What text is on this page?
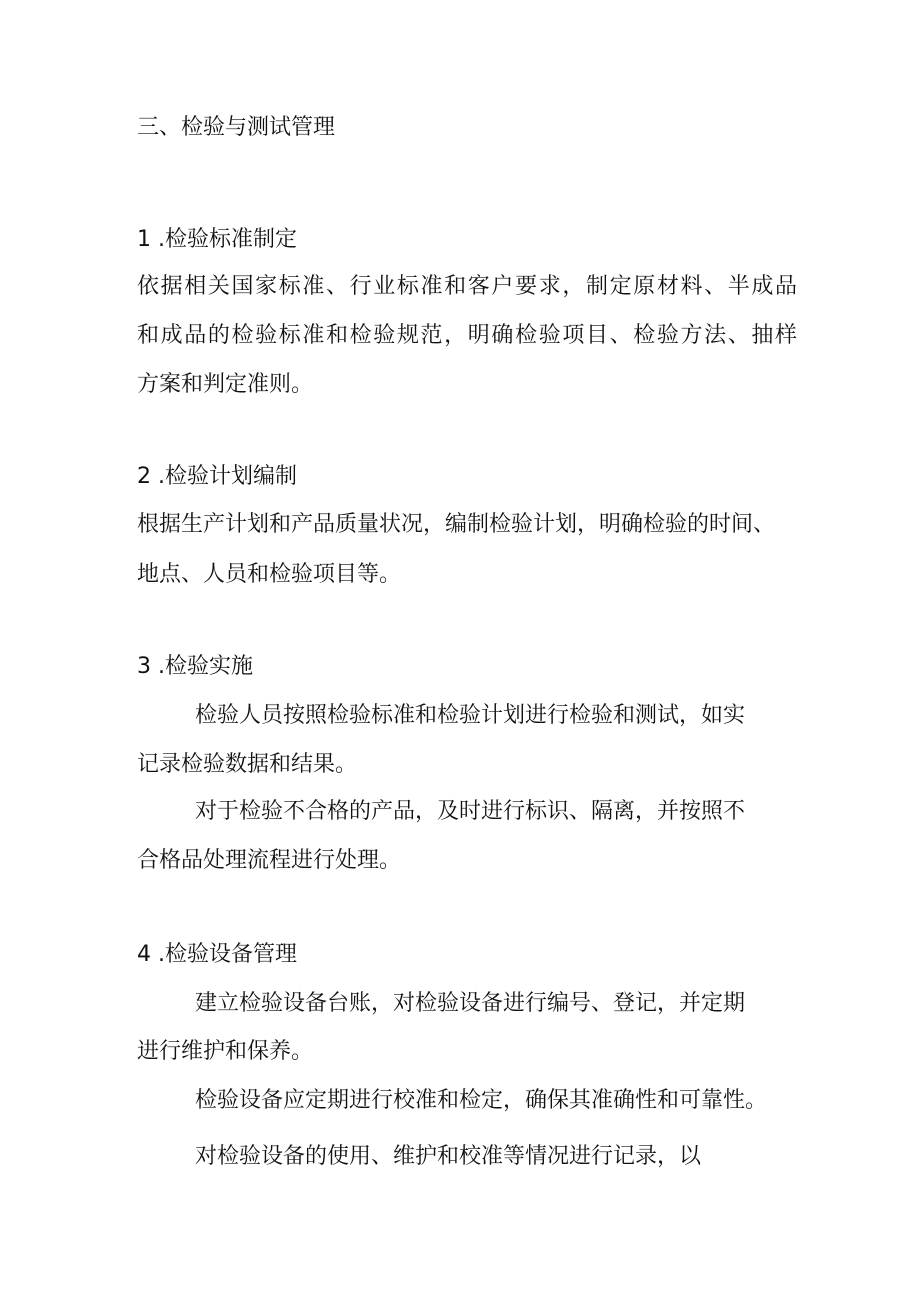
三、检验与测试管理
1 .检验标准制定
依据相关国家标准、行业标准和客户要求，制定原材料、半成品
和成品的检验标准和检验规范，明确检验项目、检验方法、抽样
方案和判定准则。
2 .检验计划编制
根据生产计划和产品质量状况，编制检验计划，明确检验的时间、
地点、人员和检验项目等。
3 .检验实施
检验人员按照检验标准和检验计划进行检验和测试，如实
记录检验数据和结果。
对于检验不合格的产品，及时进行标识、隔离，并按照不
合格品处理流程进行处理。
4 .检验设备管理
建立检验设备台账，对检验设备进行编号、登记，并定期
进行维护和保养。
检验设备应定期进行校准和检定，确保其准确性和可靠性。
对检验设备的使用、维护和校准等情况进行记录，以
